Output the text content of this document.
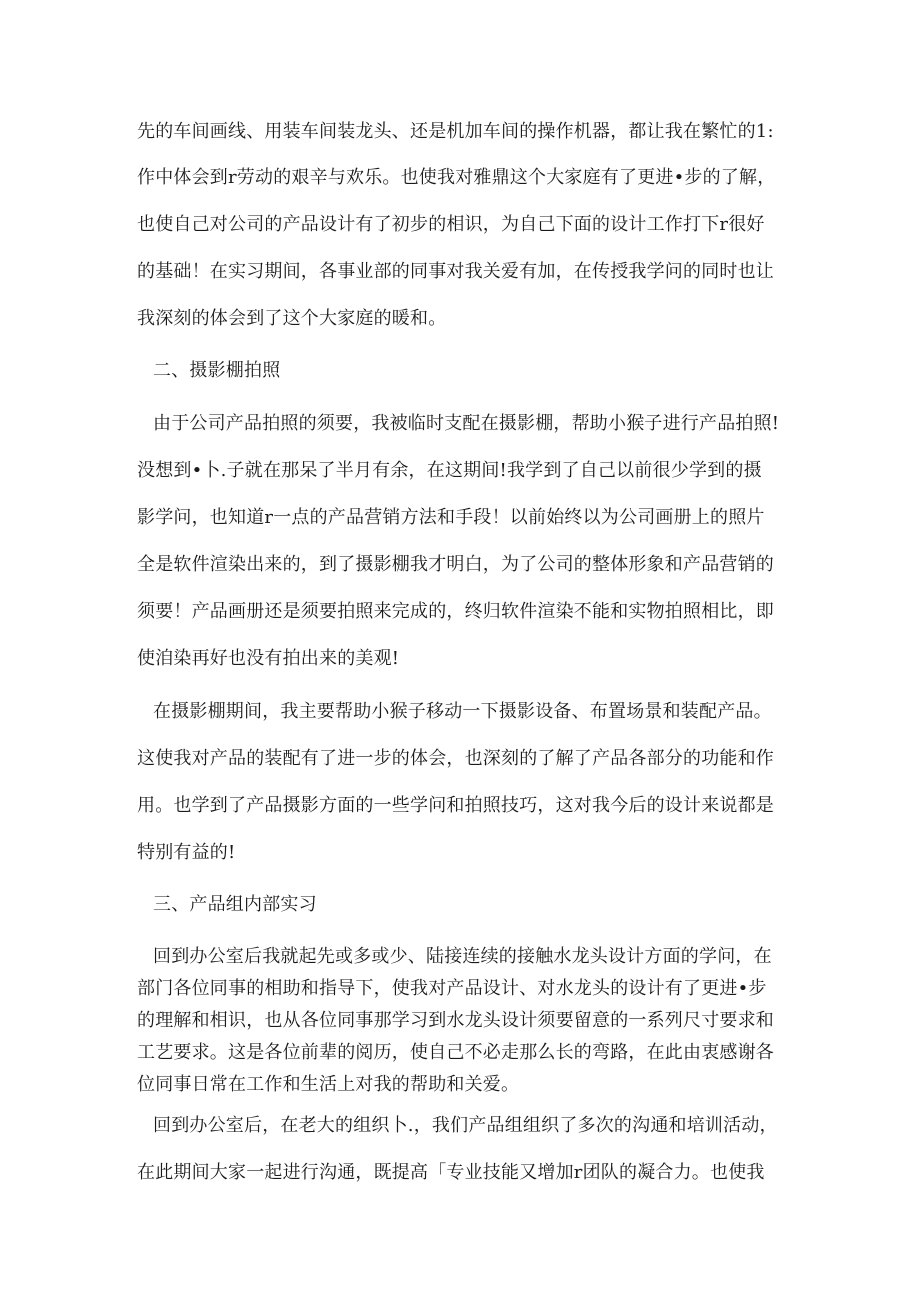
先的车间画线、用装车间装龙头、还是机加车间的操作机器，都让我在繁忙的1:
作中体会到r劳动的艰辛与欢乐。也使我对雅鼎这个大家庭有了更进•步的了解，
也使自己对公司的产品设计有了初步的相识，为自己下面的设计工作打下r很好
的基础！在实习期间，各事业部的同事对我关爱有加，在传授我学问的同时也让
我深刻的体会到了这个大家庭的暖和。
二、摄影棚拍照
由于公司产品拍照的须要，我被临时支配在摄影棚，帮助小猴子进行产品拍照!
没想到•卜.子就在那呆了半月有余，在这期间!我学到了自己以前很少学到的摄
影学问，也知道r一点的产品营销方法和手段！以前始终以为公司画册上的照片
全是软件渲染出来的，到了摄影棚我才明白，为了公司的整体形象和产品营销的
须要！产品画册还是须要拍照来完成的，终归软件渲染不能和实物拍照相比，即
使洎染再好也没有拍出来的美观!
在摄影棚期间，我主要帮助小猴子移动一下摄影设备、布置场景和装配产品。
这使我对产品的装配有了进一步的体会，也深刻的了解了产品各部分的功能和作
用。也学到了产品摄影方面的一些学问和拍照技巧，这对我今后的设计来说都是
特别有益的!
三、产品组内部实习
回到办公室后我就起先或多或少、陆接连续的接触水龙头设计方面的学问，在
部门各位同事的相助和指导下，使我对产品设计、对水龙头的设计有了更进•步
的理解和相识，也从各位同事那学习到水龙头设计须要留意的一系列尺寸要求和
工艺要求。这是各位前辈的阅历，使自己不必走那么长的弯路，在此由衷感谢各
位同事日常在工作和生活上对我的帮助和关爱。
回到办公室后，在老大的组织卜.，我们产品组组织了多次的沟通和培训活动，
在此期间大家一起进行沟通，既提高「专业技能又增加r团队的凝合力。也使我
